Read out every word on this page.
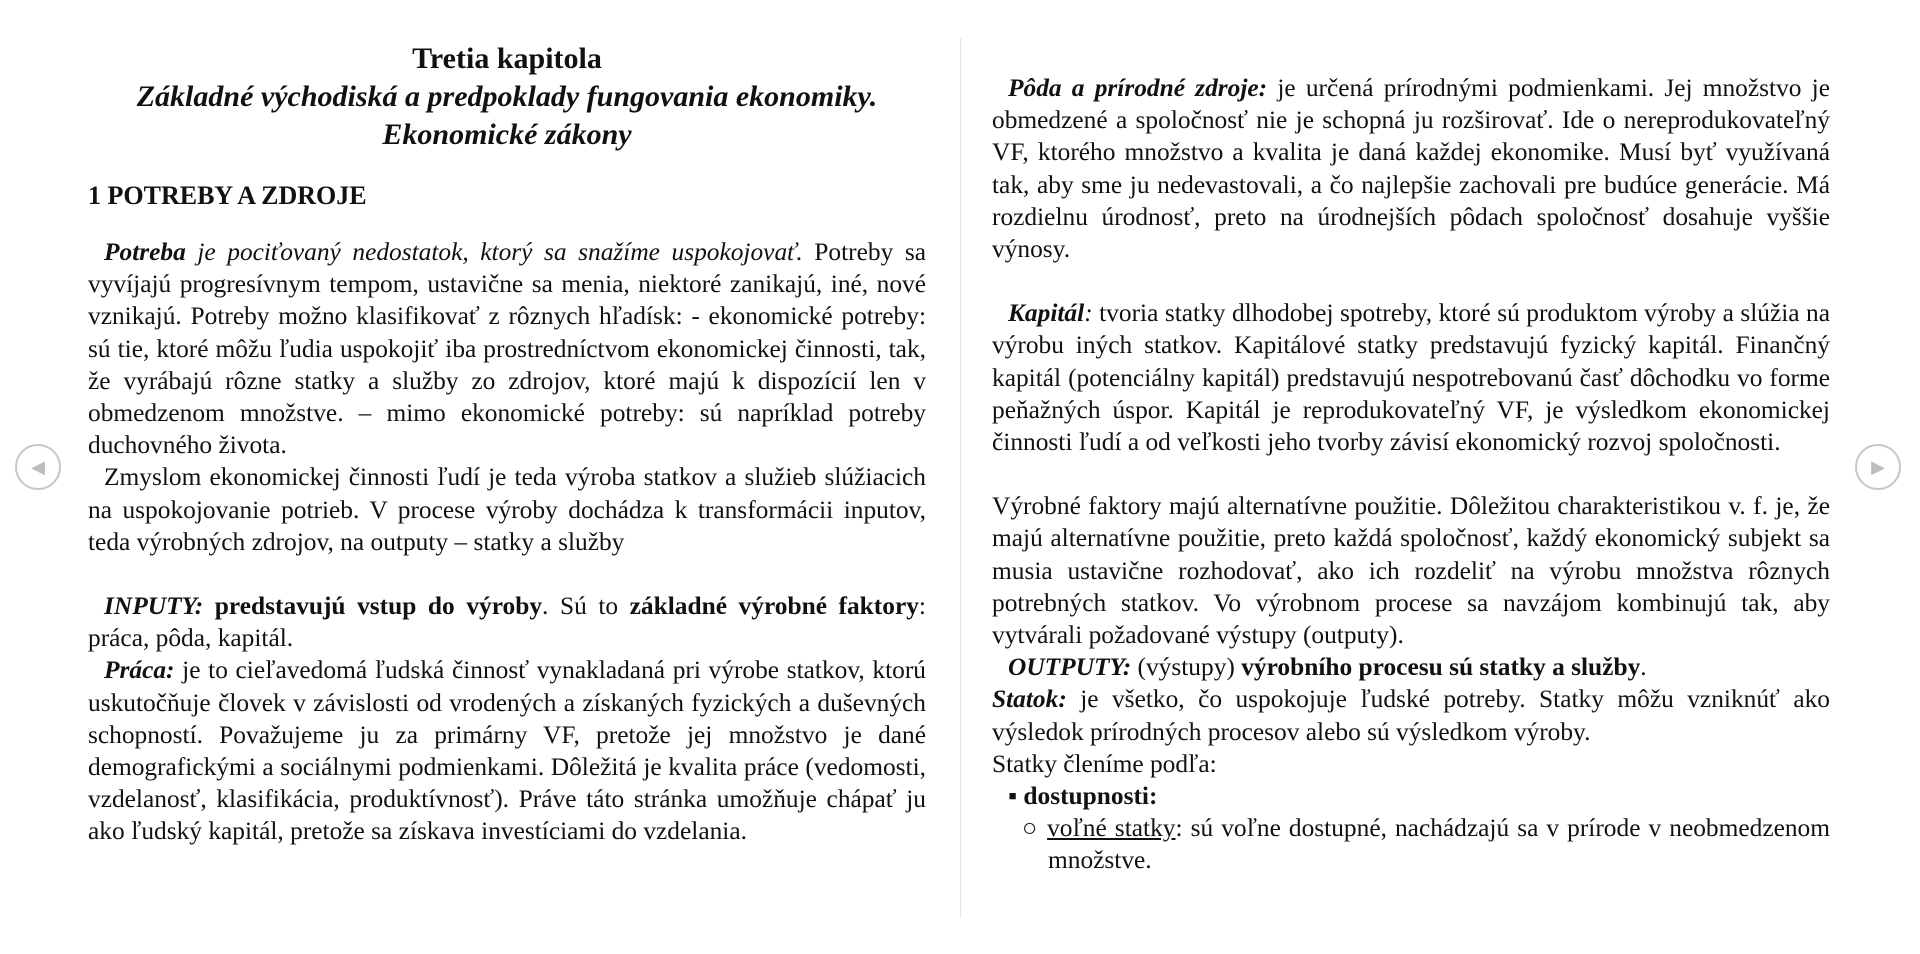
◀	▶
Tretia kapitola
Základné východiská a predpoklady fungovania ekonomiky.
Ekonomické zákony
1 POTREBY A ZDROJE

Potreba je pociťovaný nedostatok, ktorý sa snažíme uspokojovať. Potreby sa vyvíjajú progresívnym tempom, ustavične sa menia, niektoré zanikajú, iné, nové vznikajú. Potreby možno klasifikovať z rôznych hľadísk: - ekonomické potreby: sú tie, ktoré môžu ľudia uspokojiť iba prostredníctvom ekonomickej činnosti, tak, že vyrábajú rôzne statky a služby zo zdrojov, ktoré majú k dispozícií len v obmedzenom množstve. – mimo ekonomické potreby: sú napríklad potreby duchovného života.

Zmyslom ekonomickej činnosti ľudí je teda výroba statkov a služieb slúžiacich na uspokojovanie potrieb. V procese výroby dochádza k transformácii inputov, teda výrobných zdrojov, na outputy – statky a služby

INPUTY: predstavujú vstup do výroby. Sú to základné výrobné faktory: práca, pôda, kapitál.

Práca: je to cieľavedomá ľudská činnosť vynakladaná pri výrobe statkov, ktorú uskutočňuje človek v závislosti od vrodených a získaných fyzických a duševných schopností. Považujeme ju za primárny VF, pretože jej množstvo je dané demografickými a sociálnymi podmienkami. Dôležitá je kvalita práce (vedomosti, vzdelanosť, klasifikácia, produktívnosť). Práve táto stránka umožňuje chápať ju ako ľudský kapitál, pretože sa získava investíciami do vzdelania.

Pôda a prírodné zdroje: je určená prírodnými podmienkami. Jej množstvo je obmedzené a spoločnosť nie je schopná ju rozširovať. Ide o nereprodukovateľný VF, ktorého množstvo a kvalita je daná každej ekonomike. Musí byť využívaná tak, aby sme ju nedevastovali, a čo najlepšie zachovali pre budúce generácie. Má rozdielnu úrodnosť, preto na úrodnejších pôdach spoločnosť dosahuje vyššie výnosy.

Kapitál: tvoria statky dlhodobej spotreby, ktoré sú produktom výroby a slúžia na výrobu iných statkov. Kapitálové statky predstavujú fyzický kapitál. Finančný kapitál (potenciálny kapitál) predstavujú nespotrebovanú časť dôchodku vo forme peňažných úspor. Kapitál je reprodukovateľný VF, je výsledkom ekonomickej činnosti ľudí a od veľkosti jeho tvorby závisí ekonomický rozvoj spoločnosti.

Výrobné faktory majú alternatívne použitie. Dôležitou charakteristikou v. f. je, že majú alternatívne použitie, preto každá spoločnosť, každý ekonomický subjekt sa musia ustavične rozhodovať, ako ich rozdeliť na výrobu množstva rôznych potrebných statkov. Vo výrobnom procese sa navzájom kombinujú tak, aby vytvárali požadované výstupy (outputy).

OUTPUTY: (výstupy) výrobního procesu sú statky a služby.

Statok: je všetko, čo uspokojuje ľudské potreby. Statky môžu vzniknúť ako výsledok prírodných procesov alebo sú výsledkom výroby.

Statky členíme podľa:

▪ dostupnosti:

○ voľné statky: sú voľne dostupné, nachádzajú sa v prírode v neobmedzenom množstve.
